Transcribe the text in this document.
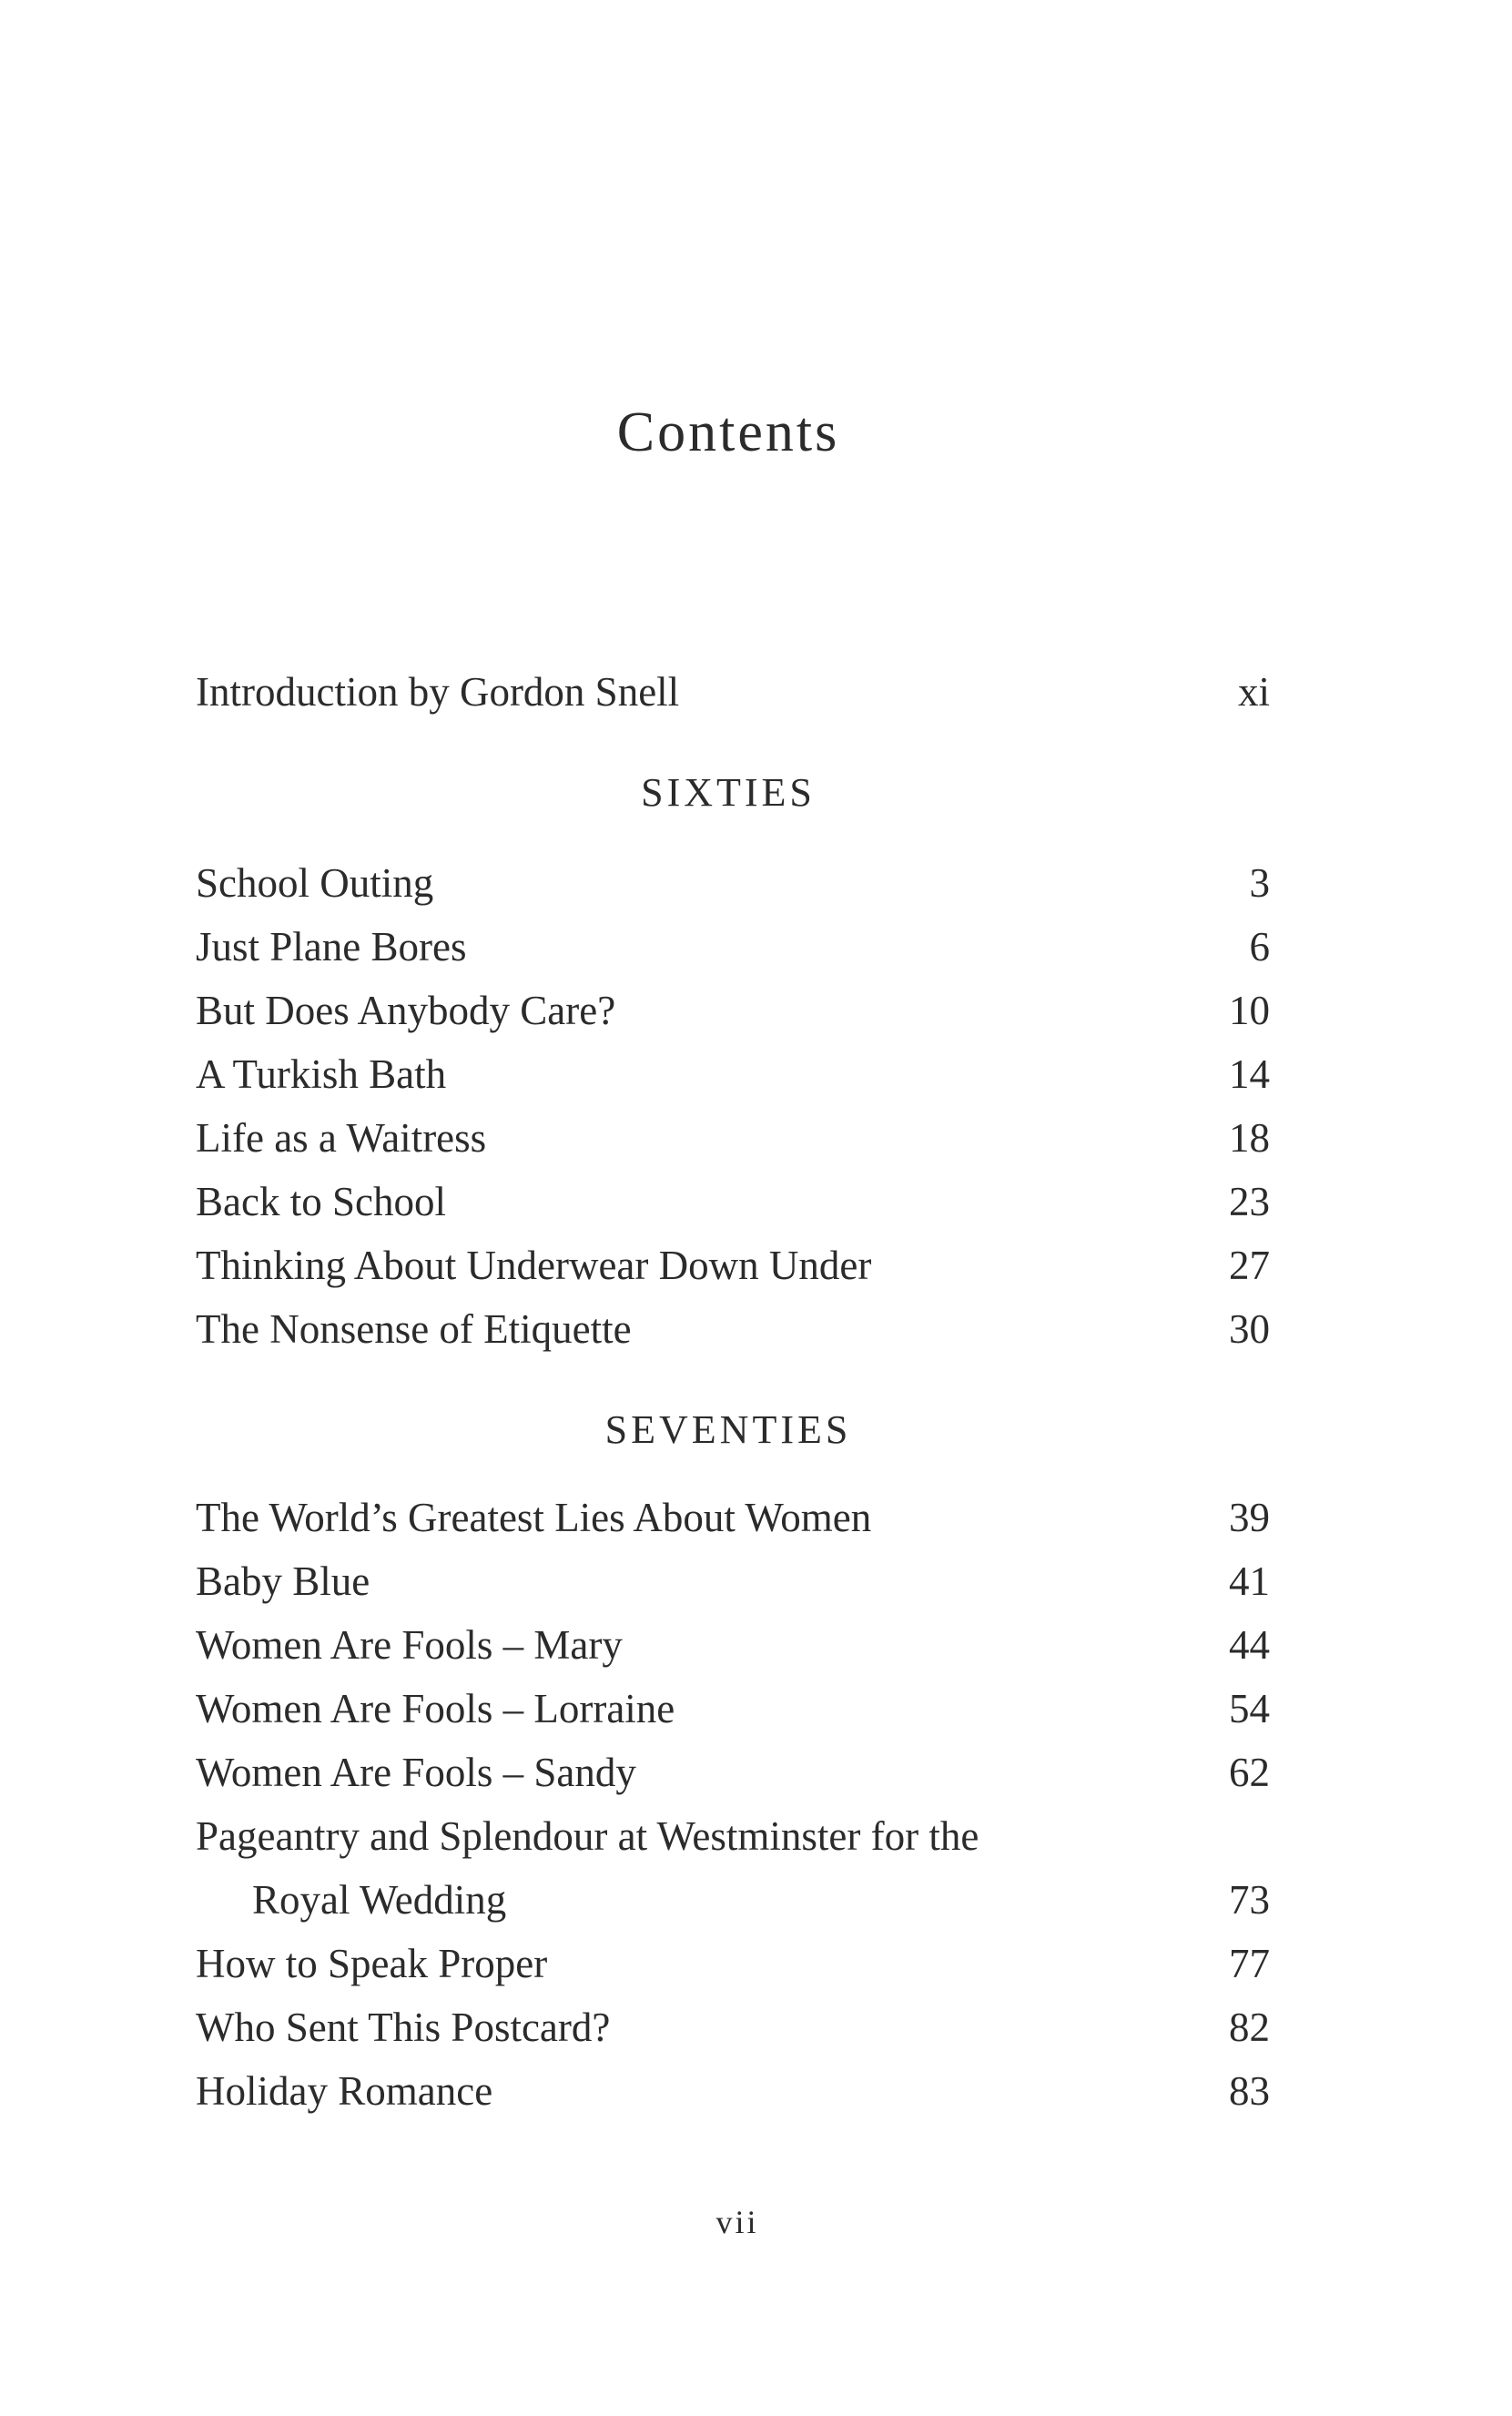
Contents
Introduction by Gordon Snell	xi
SIXTIES
School Outing	3
Just Plane Bores	6
But Does Anybody Care?	10
A Turkish Bath	14
Life as a Waitress	18
Back to School	23
Thinking About Underwear Down Under	27
The Nonsense of Etiquette	30
SEVENTIES
The World’s Greatest Lies About Women	39
Baby Blue	41
Women Are Fools – Mary	44
Women Are Fools – Lorraine	54
Women Are Fools – Sandy	62
Pageantry and Splendour at Westminster for the
Royal Wedding	73
How to Speak Proper	77
Who Sent This Postcard?	82
Holiday Romance	83
vii
